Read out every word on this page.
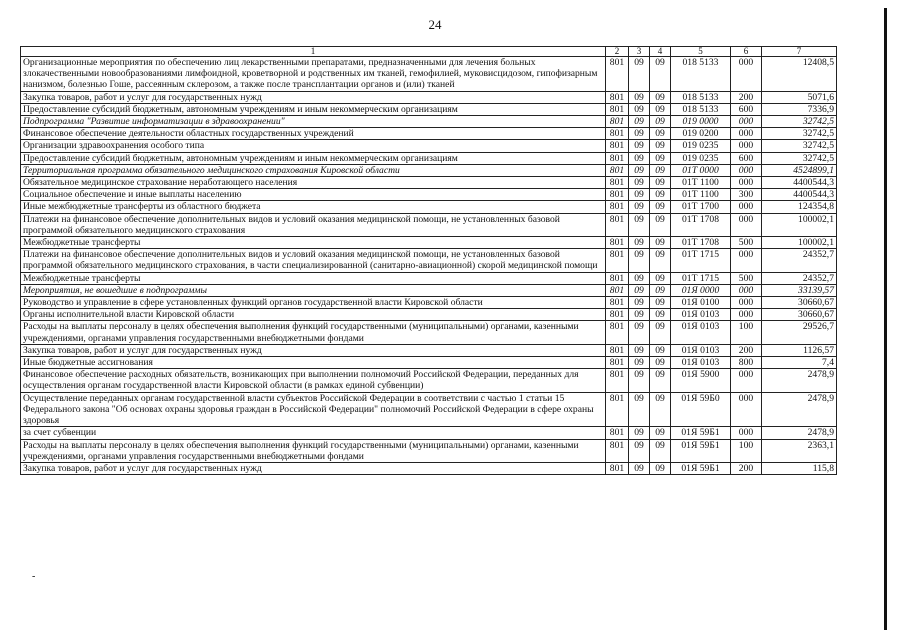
24
-
1	2	3	4	5	6	7
Организационные мероприятия по обеспечению лиц лекарственными препаратами, предназначенными для лечения больных злокачественными новообразованиями лимфоидной, кроветворной и родственных им тканей, гемофилией, муковисцидозом, гипофизарным нанизмом, болезнью Гоше, рассеянным склерозом, а также после трансплантации органов и (или) тканей	801	09	09	018 5133	000	12408,5
Закупка товаров, работ и услуг для государственных нужд	801	09	09	018 5133	200	5071,6
Предоставление субсидий бюджетным, автономным учреждениям и иным некоммерческим организациям	801	09	09	018 5133	600	7336,9
Подпрограмма "Развитие информатизации в здравоохранении"	801	09	09	019 0000	000	32742,5
Финансовое обеспечение деятельности областных государственных учреждений	801	09	09	019 0200	000	32742,5
Организации здравоохранения особого типа	801	09	09	019 0235	000	32742,5
Предоставление субсидий бюджетным, автономным учреждениям и иным некоммерческим организациям	801	09	09	019 0235	600	32742,5
Территориальная программа обязательного медицинского страхования Кировской области	801	09	09	01Т 0000	000	4524899,1
Обязательное медицинское страхование неработающего населения	801	09	09	01Т 1100	000	4400544,3
Социальное обеспечение и иные выплаты населению	801	09	09	01Т 1100	300	4400544,3
Иные межбюджетные трансферты из областного бюджета	801	09	09	01Т 1700	000	124354,8
Платежи на финансовое обеспечение дополнительных видов и условий оказания медицинской помощи, не установленных базовой программой обязательного медицинского страхования	801	09	09	01Т 1708	000	100002,1
Межбюджетные трансферты	801	09	09	01Т 1708	500	100002,1
Платежи на финансовое обеспечение дополнительных видов и условий оказания медицинской помощи, не установленных базовой программой обязательного медицинского страхования, в части специализированной (санитарно-авиационной) скорой медицинской помощи	801	09	09	01Т 1715	000	24352,7
Межбюджетные трансферты	801	09	09	01Т 1715	500	24352,7
Мероприятия, не вошедшие в подпрограммы	801	09	09	01Я 0000	000	33139,57
Руководство и управление в сфере установленных функций органов государственной власти Кировской области	801	09	09	01Я 0100	000	30660,67
Органы исполнительной власти Кировской области	801	09	09	01Я 0103	000	30660,67
Расходы на выплаты персоналу в целях обеспечения выполнения функций государственными (муниципальными) органами, казенными учреждениями, органами управления государственными внебюджетными фондами	801	09	09	01Я 0103	100	29526,7
Закупка товаров, работ и услуг для государственных нужд	801	09	09	01Я 0103	200	1126,57
Иные бюджетные ассигнования	801	09	09	01Я 0103	800	7,4
Финансовое обеспечение расходных обязательств, возникающих при выполнении полномочий Российской Федерации, переданных для осуществления органам государственной власти Кировской области (в рамках единой субвенции)	801	09	09	01Я 5900	000	2478,9
Осуществление переданных органам государственной власти субъектов Российской Федерации в соответствии с частью 1 статьи 15 Федерального закона "Об основах охраны здоровья граждан в Российской Федерации" полномочий Российской Федерации в сфере охраны здоровья	801	09	09	01Я 59Б0	000	2478,9
за счет субвенции	801	09	09	01Я 59Б1	000	2478,9
Расходы на выплаты персоналу в целях обеспечения выполнения функций государственными (муниципальными) органами, казенными учреждениями, органами управления государственными внебюджетными фондами	801	09	09	01Я 59Б1	100	2363,1
Закупка товаров, работ и услуг для государственных нужд	801	09	09	01Я 59Б1	200	115,8
